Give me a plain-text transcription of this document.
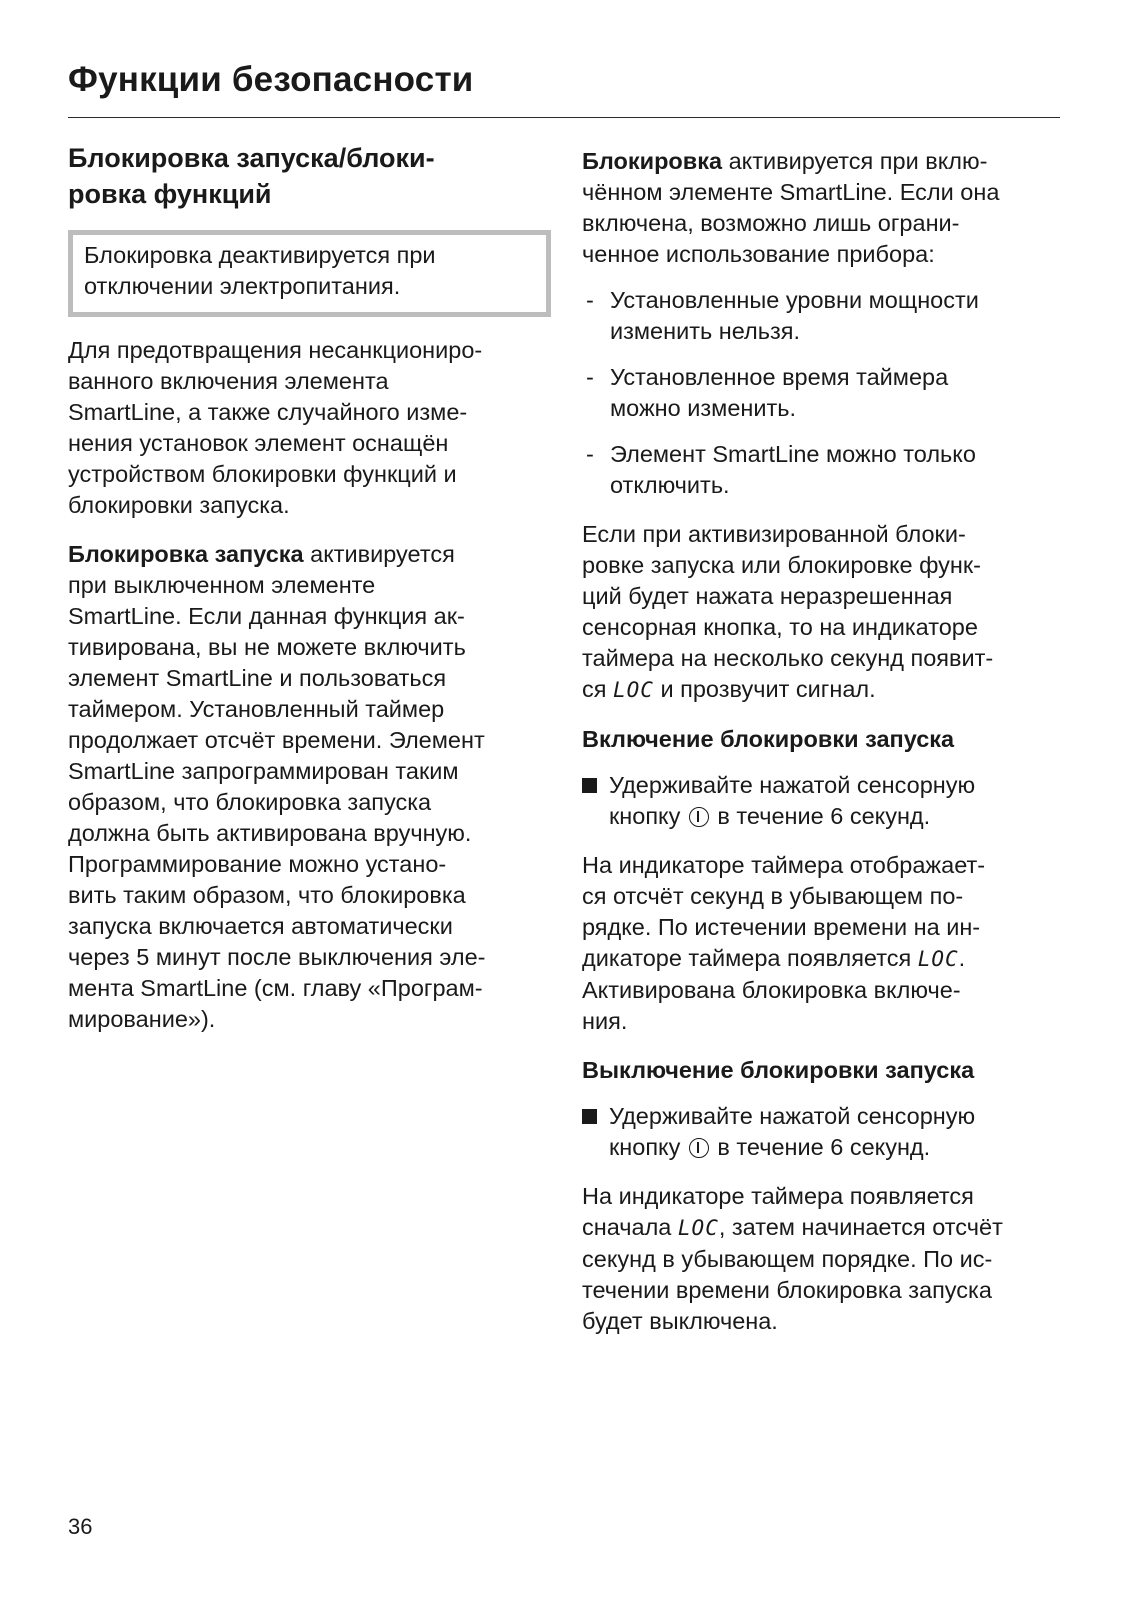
Функции безопасности
Блокировка запуска/блоки-
ровка функций
Блокировка деактивируется при
отключении электропитания.
Для предотвращения несанкциониро-
ванного включения элемента
SmartLine, а также случайного изме-
нения установок элемент оснащён
устройством блокировки функций и
блокировки запуска.
Блокировка запуска активируется
при выключенном элементе
SmartLine. Если данная функция ак-
тивирована, вы не можете включить
элемент SmartLine и пользоваться
таймером. Установленный таймер
продолжает отсчёт времени. Элемент
SmartLine запрограммирован таким
образом, что блокировка запуска
должна быть активирована вручную.
Программирование можно устано-
вить таким образом, что блокировка
запуска включается автоматически
через 5 минут после выключения эле-
мента SmartLine (см. главу «Програм-
мирование»).
Блокировка активируется при вклю-
чённом элементе SmartLine. Если она
включена, возможно лишь ограни-
ченное использование прибора:
- Установленные уровни мощности
изменить нельзя.
- Установленное время таймера
можно изменить.
- Элемент SmartLine можно только
отключить.
Если при активизированной блоки-
ровке запуска или блокировке функ-
ций будет нажата неразрешенная
сенсорная кнопка, то на индикаторе
таймера на несколько секунд появит-
ся LOC и прозвучит сигнал.
Включение блокировки запуска
Удерживайте нажатой сенсорную
кнопку  в течение 6 секунд.
На индикаторе таймера отображает-
ся отсчёт секунд в убывающем по-
рядке. По истечении времени на ин-
дикаторе таймера появляется LOC.
Активирована блокировка включе-
ния.
Выключение блокировки запуска
Удерживайте нажатой сенсорную
кнопку  в течение 6 секунд.
На индикаторе таймера появляется
сначала LOC, затем начинается отсчёт
секунд в убывающем порядке. По ис-
течении времени блокировка запуска
будет выключена.
36
